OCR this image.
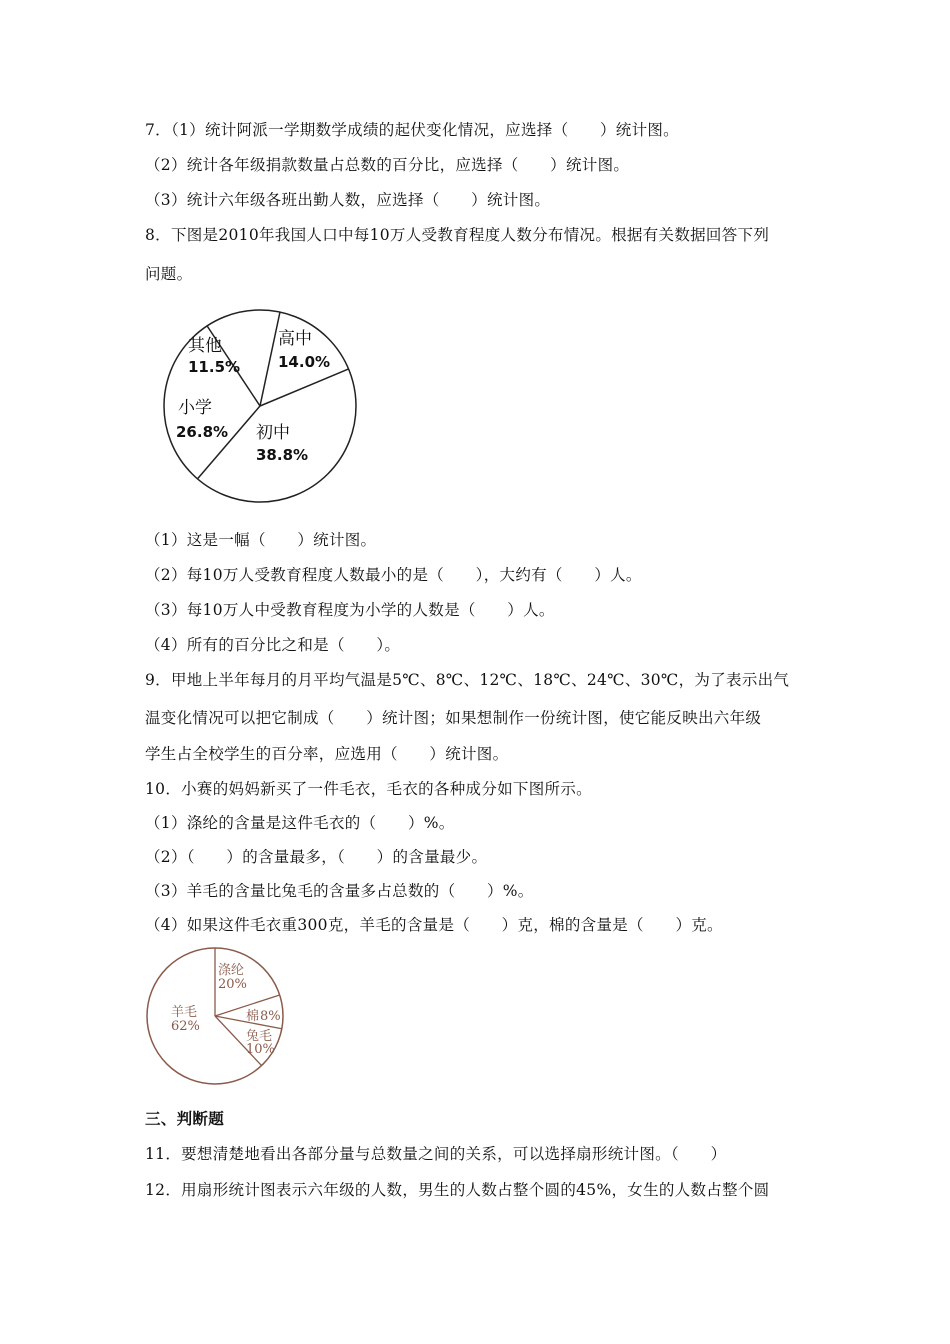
7．（1）统计阿派一学期数学成绩的起伏变化情况，应选择（　　）统计图。
（2）统计各年级捐款数量占总数的百分比，应选择（　　）统计图。
（3）统计六年级各班出勤人数，应选择（　　）统计图。
8．下图是2010年我国人口中每10万人受教育程度人数分布情况。根据有关数据回答下列
问题。
高中
14.0%
初中
38.8%
小学
26.8%
其他
11.5%
（1）这是一幅（　　）统计图。
（2）每10万人受教育程度人数最小的是（　　），大约有（　　）人。
（3）每10万人中受教育程度为小学的人数是（　　）人。
（4）所有的百分比之和是（　　）。
9．甲地上半年每月的月平均气温是5℃、8℃、12℃、18℃、24℃、30℃，为了表示出气
温变化情况可以把它制成（　　）统计图；如果想制作一份统计图，使它能反映出六年级
学生占全校学生的百分率，应选用（　　）统计图。
10．小赛的妈妈新买了一件毛衣，毛衣的各种成分如下图所示。
（1）涤纶的含量是这件毛衣的（　　）%。
（2）（　　）的含量最多，（　　）的含量最少。
（3）羊毛的含量比兔毛的含量多占总数的（　　）%。
（4）如果这件毛衣重300克，羊毛的含量是（　　）克，棉的含量是（　　）克。
涤纶
20%
棉 8%
兔毛
10%
羊毛
62%
三、判断题
11．要想清楚地看出各部分量与总数量之间的关系，可以选择扇形统计图。（　　）
12．用扇形统计图表示六年级的人数，男生的人数占整个圆的45%，女生的人数占整个圆
